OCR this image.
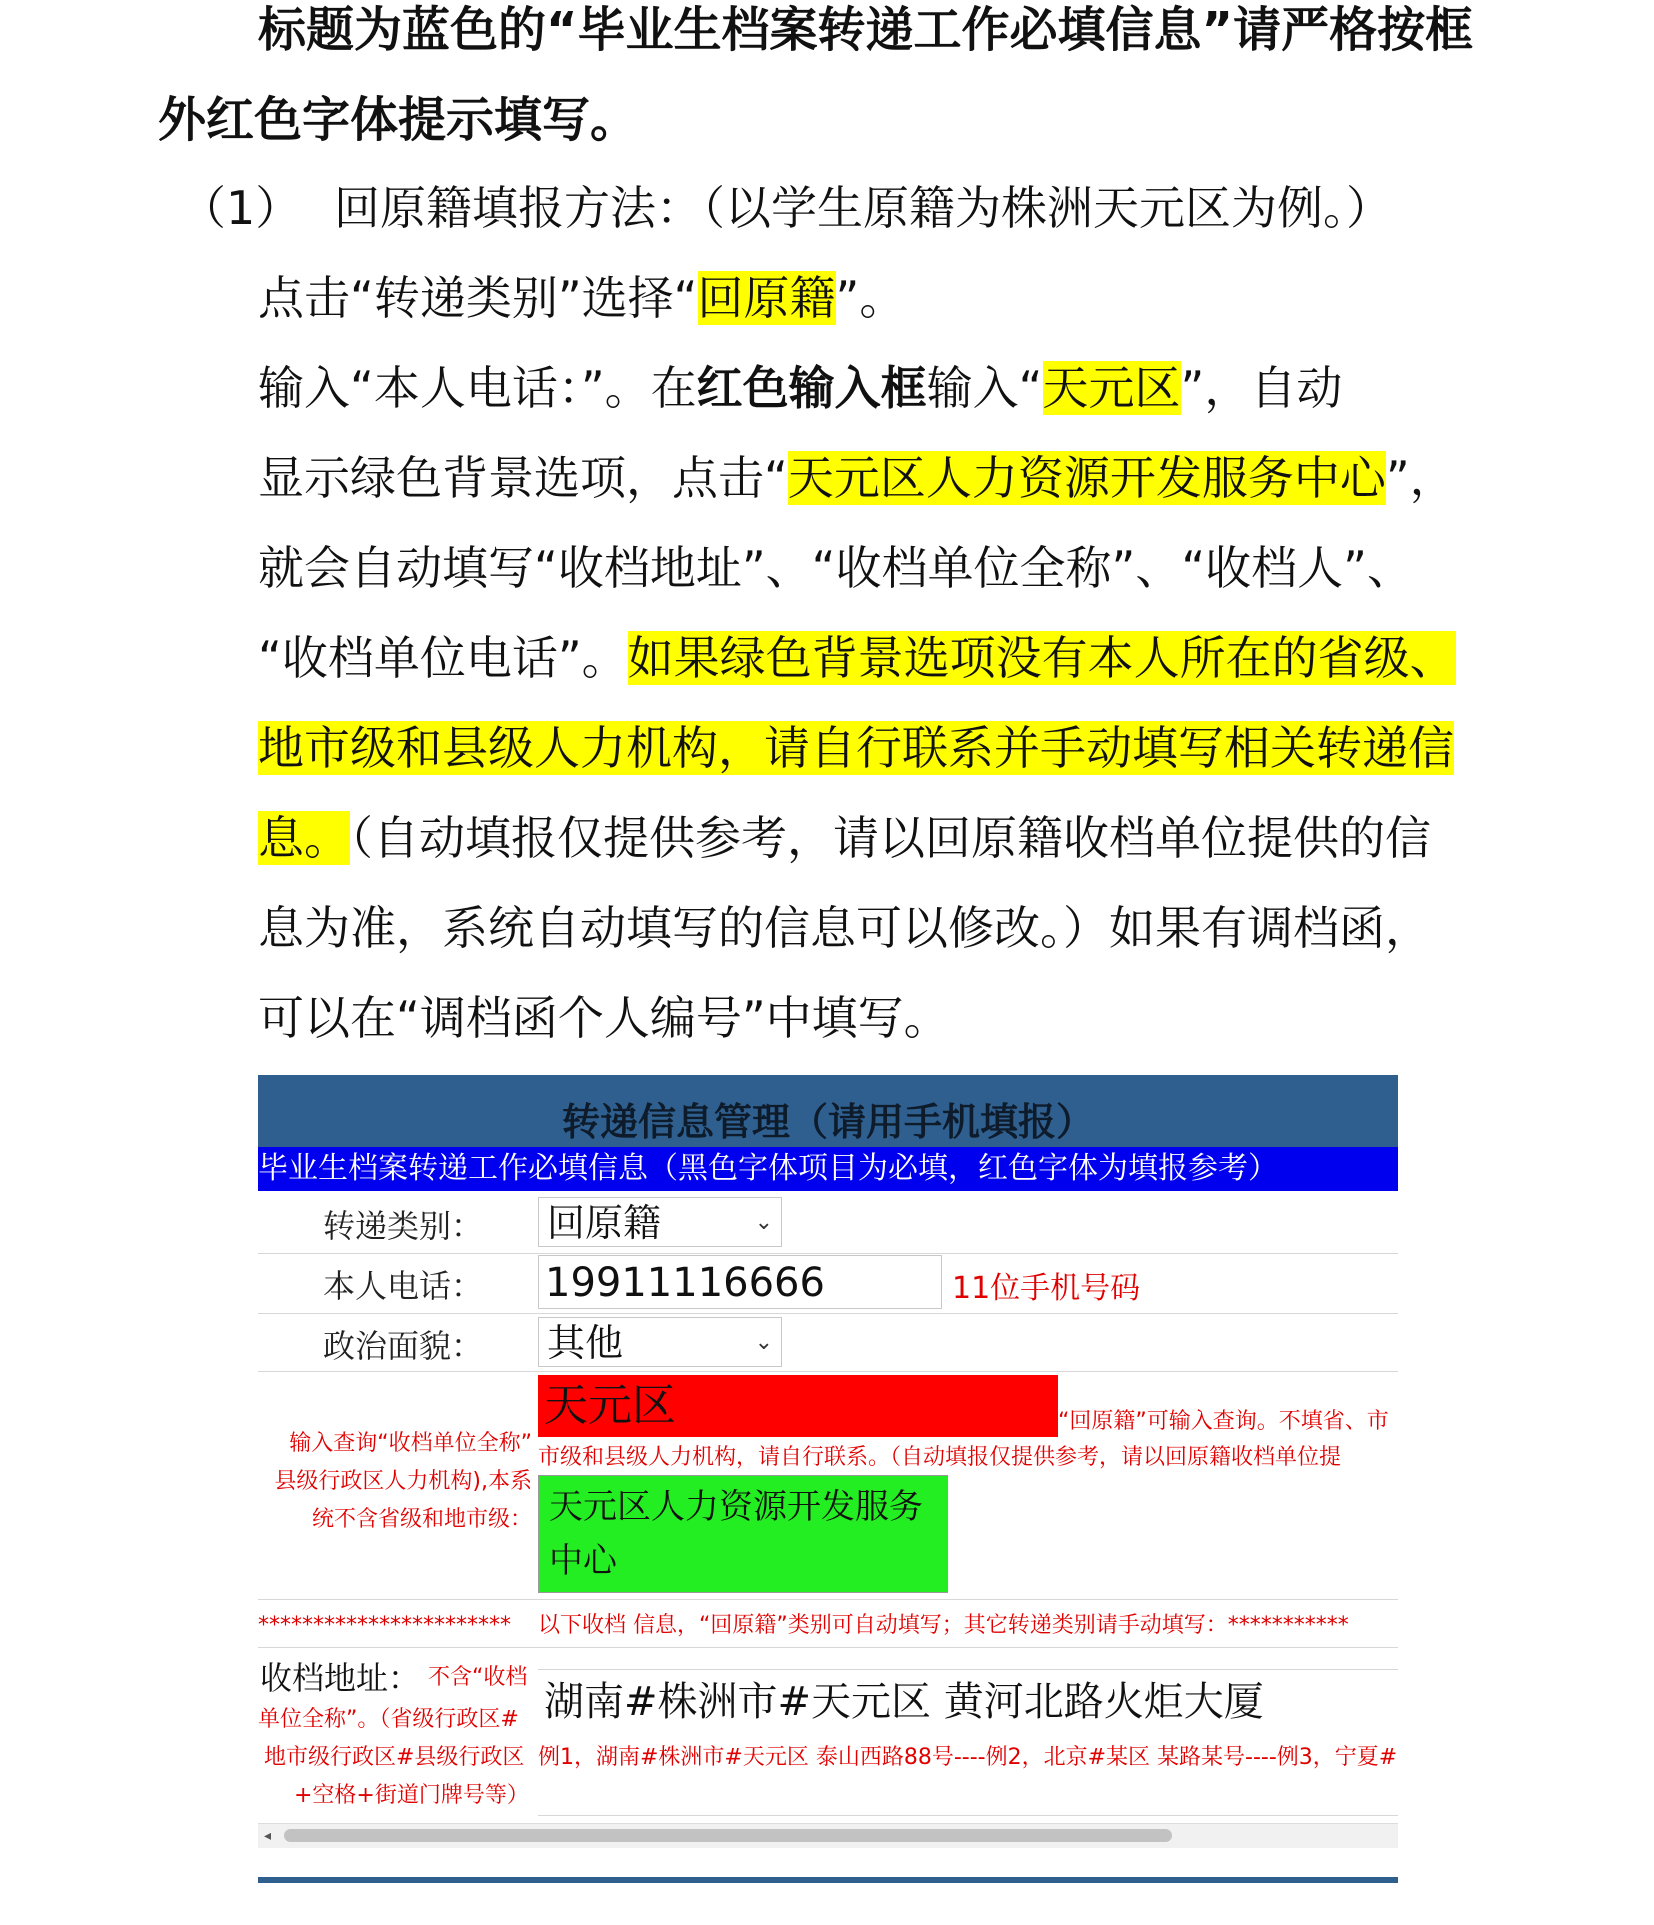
标题为蓝色的“毕业生档案转递工作必填信息”请严格按框
外红色字体提示填写。
（1） 回原籍填报方法：（以学生原籍为株洲天元区为例。）
点击“转递类别”选择“回原籍”。
输入“本人电话：”。在红色输入框输入“天元区”，自动
显示绿色背景选项，点击“天元区人力资源开发服务中心”，
就会自动填写“收档地址”、“收档单位全称”、“收档人”、
“收档单位电话”。如果绿色背景选项没有本人所在的省级、
地市级和县级人力机构，请自行联系并手动填写相关转递信
息。（自动填报仅提供参考，请以回原籍收档单位提供的信
息为准，系统自动填写的信息可以修改。）如果有调档函，
可以在“调档函个人编号”中填写。
转递信息管理（请用手机填报）
毕业生档案转递工作必填信息（黑色字体项目为必填，红色字体为填报参考）
转递类别： 回原籍	⌄
本人电话： 19911116666	11位手机号码
政治面貌： 其他	⌄
输入查询“收档单位全称”
县级行政区人力机构),本系
统不含省级和地市级：
天元区	“回原籍”可输入查询。不填省、市
市级和县级人力机构，请自行联系。（自动填报仅提供参考，请以回原籍收档单位提
天元区人力资源开发服务
中心
*********************** 以下收档 信息，“回原籍”类别可自动填写；其它转递类别请手动填写：***********
收档地址： 不含“收档
单位全称”。（省级行政区#
地市级行政区#县级行政区
+空格+街道门牌号等）
湖南#株洲市#天元区 黄河北路火炬大厦
例1，湖南#株洲市#天元区 泰山西路88号----例2，北京#某区 某路某号----例3，宁夏#
◂
